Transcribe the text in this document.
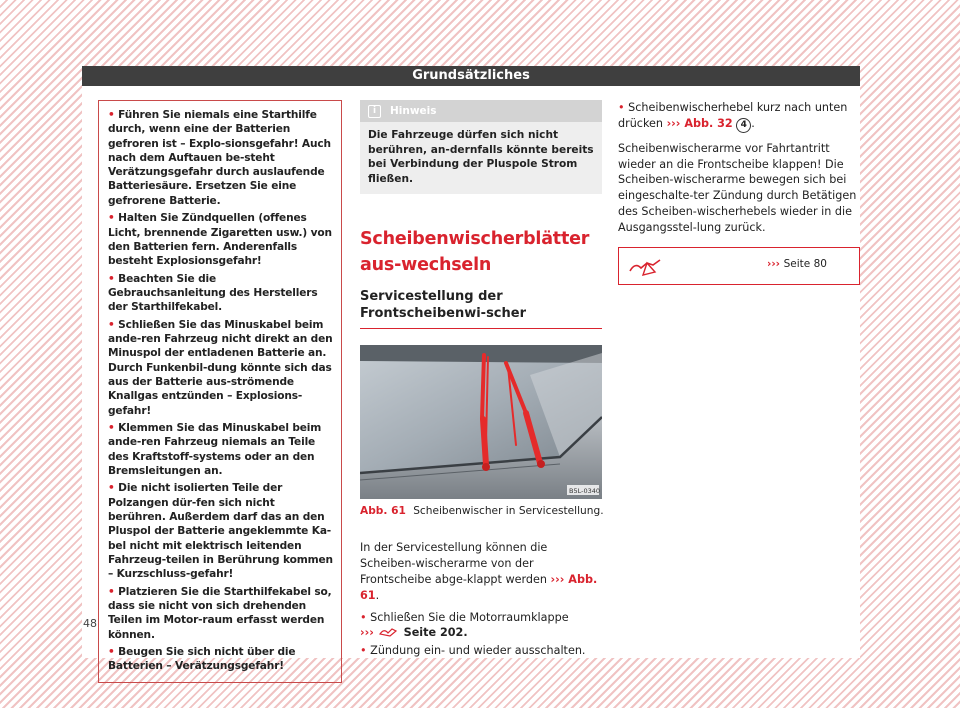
Grundsätzliches

• Führen Sie niemals eine Starthilfe durch, wenn eine der Batterien gefroren ist – Explo-sionsgefahr! Auch nach dem Auftauen be-steht Verätzungsgefahr durch auslaufende Batteriesäure. Ersetzen Sie eine gefrorene Batterie.

• Halten Sie Zündquellen (offenes Licht, brennende Zigaretten usw.) von den Batterien fern. Anderenfalls besteht Explosionsgefahr!

• Beachten Sie die Gebrauchsanleitung des Herstellers der Starthilfekabel.

• Schließen Sie das Minuskabel beim ande-ren Fahrzeug nicht direkt an den Minuspol der entladenen Batterie an. Durch Funkenbil-dung könnte sich das aus der Batterie aus-strömende Knallgas entzünden – Explosions-gefahr!

• Klemmen Sie das Minuskabel beim ande-ren Fahrzeug niemals an Teile des Kraftstoff-systems oder an den Bremsleitungen an.

• Die nicht isolierten Teile der Polzangen dür-fen sich nicht berühren. Außerdem darf das an den Pluspol der Batterie angeklemmte Ka-bel nicht mit elektrisch leitenden Fahrzeug-teilen in Berührung kommen – Kurzschluss-gefahr!

• Platzieren Sie die Starthilfekabel so, dass sie nicht von sich drehenden Teilen im Motor-raum erfasst werden können.

• Beugen Sie sich nicht über die Batterien – Verätzungsgefahr!

i	Hinweis
Die Fahrzeuge dürfen sich nicht berühren, an-dernfalls könnte bereits bei Verbindung der Pluspole Strom fließen.
Scheibenwischerblätter aus-wechseln
Servicestellung der Frontscheibenwi-scher
B5L-0340
Abb. 61 Scheibenwischer in Servicestellung.

In der Servicestellung können die Scheiben-wischerarme von der Frontscheibe abge-klappt werden ››› Abb. 61.

• Schließen Sie die Motorraumklappe
›››	Seite 202.

• Zündung ein- und wieder ausschalten.

• Scheibenwischerhebel kurz nach unten drücken ››› Abb. 32 4 .

Scheibenwischerarme vor Fahrtantritt wieder an die Frontscheibe klappen! Die Scheiben-wischerarme bewegen sich bei eingeschalte-ter Zündung durch Betätigen des Scheiben-wischerhebels wieder in die Ausgangsstel-lung zurück.

››› Seite 80
48
